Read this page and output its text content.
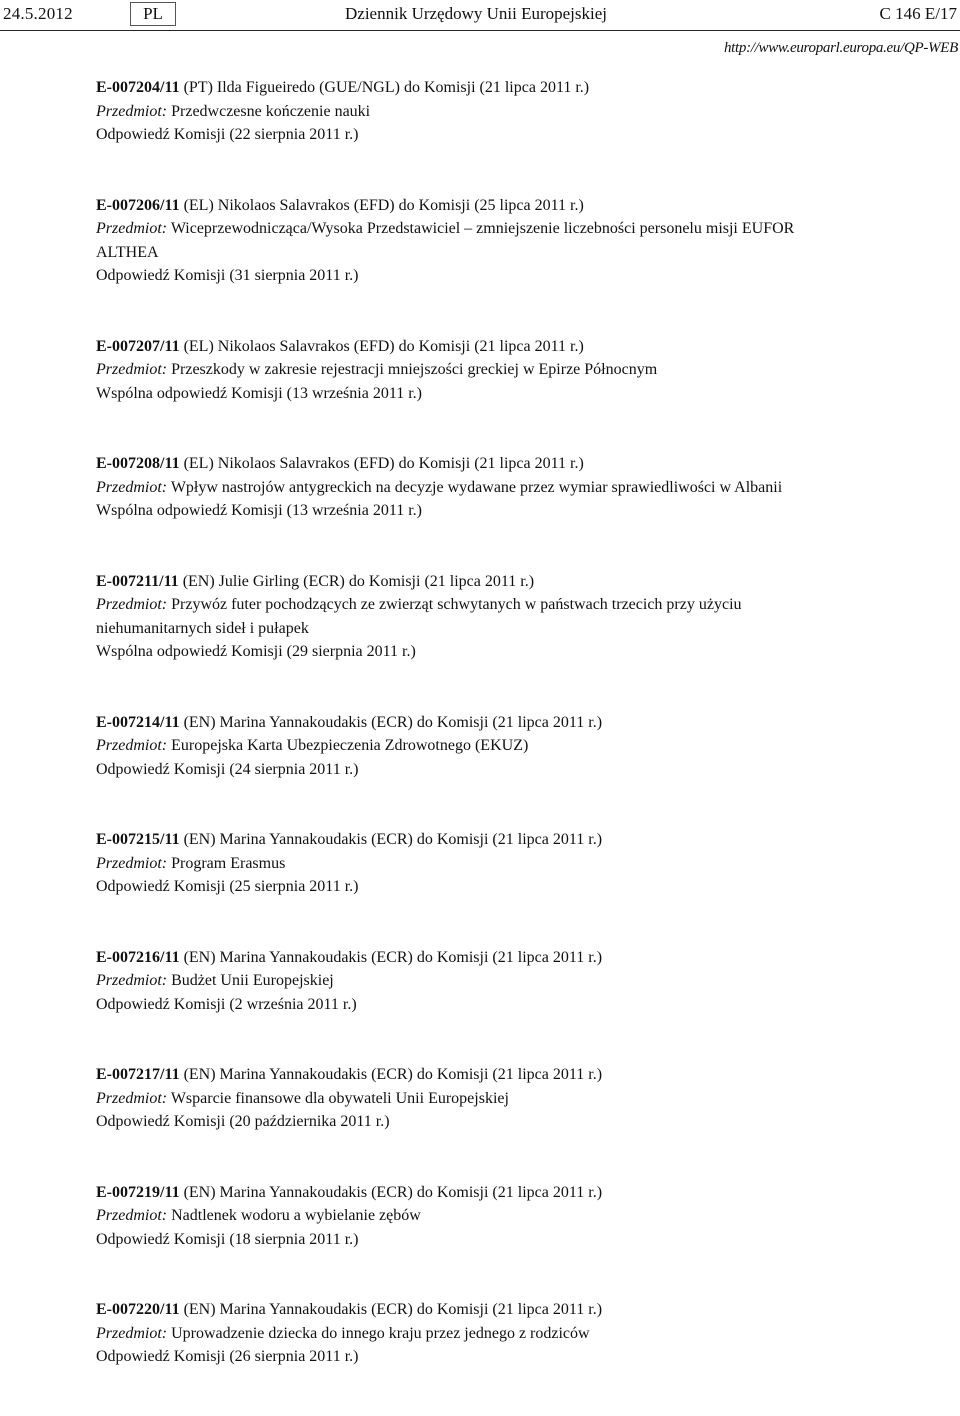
24.5.2012	PL	Dziennik Urzędowy Unii Europejskiej	C 146 E/17
http://www.europarl.europa.eu/QP-WEB

E-007204/11 (PT) Ilda Figueiredo (GUE/NGL) do Komisji (21 lipca 2011 r.)

Przedmiot: Przedwczesne kończenie nauki

Odpowiedź Komisji (22 sierpnia 2011 r.)

E-007206/11 (EL) Nikolaos Salavrakos (EFD) do Komisji (25 lipca 2011 r.)

Przedmiot: Wiceprzewodnicząca/Wysoka Przedstawiciel – zmniejszenie liczebności personelu misji EUFOR ALTHEA

Odpowiedź Komisji (31 sierpnia 2011 r.)

E-007207/11 (EL) Nikolaos Salavrakos (EFD) do Komisji (21 lipca 2011 r.)

Przedmiot: Przeszkody w zakresie rejestracji mniejszości greckiej w Epirze Północnym

Wspólna odpowiedź Komisji (13 września 2011 r.)

E-007208/11 (EL) Nikolaos Salavrakos (EFD) do Komisji (21 lipca 2011 r.)

Przedmiot: Wpływ nastrojów antygreckich na decyzje wydawane przez wymiar sprawiedliwości w Albanii

Wspólna odpowiedź Komisji (13 września 2011 r.)

E-007211/11 (EN) Julie Girling (ECR) do Komisji (21 lipca 2011 r.)

Przedmiot: Przywóz futer pochodzących ze zwierząt schwytanych w państwach trzecich przy użyciu niehumanitarnych sideł i pułapek

Wspólna odpowiedź Komisji (29 sierpnia 2011 r.)

E-007214/11 (EN) Marina Yannakoudakis (ECR) do Komisji (21 lipca 2011 r.)

Przedmiot: Europejska Karta Ubezpieczenia Zdrowotnego (EKUZ)

Odpowiedź Komisji (24 sierpnia 2011 r.)

E-007215/11 (EN) Marina Yannakoudakis (ECR) do Komisji (21 lipca 2011 r.)

Przedmiot: Program Erasmus

Odpowiedź Komisji (25 sierpnia 2011 r.)

E-007216/11 (EN) Marina Yannakoudakis (ECR) do Komisji (21 lipca 2011 r.)

Przedmiot: Budżet Unii Europejskiej

Odpowiedź Komisji (2 września 2011 r.)

E-007217/11 (EN) Marina Yannakoudakis (ECR) do Komisji (21 lipca 2011 r.)

Przedmiot: Wsparcie finansowe dla obywateli Unii Europejskiej

Odpowiedź Komisji (20 października 2011 r.)

E-007219/11 (EN) Marina Yannakoudakis (ECR) do Komisji (21 lipca 2011 r.)

Przedmiot: Nadtlenek wodoru a wybielanie zębów

Odpowiedź Komisji (18 sierpnia 2011 r.)

E-007220/11 (EN) Marina Yannakoudakis (ECR) do Komisji (21 lipca 2011 r.)

Przedmiot: Uprowadzenie dziecka do innego kraju przez jednego z rodziców

Odpowiedź Komisji (26 sierpnia 2011 r.)
